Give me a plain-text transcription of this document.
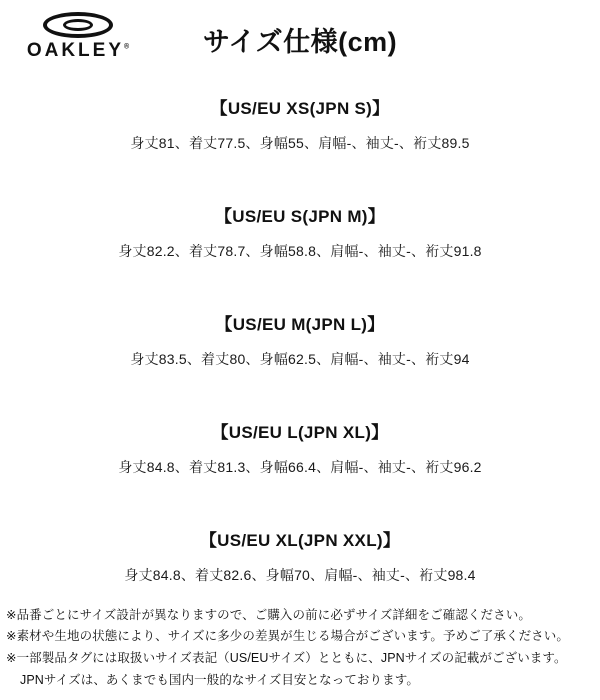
OAKLEY®	サイズ仕様(cm)

【US/EU XS(JPN S)】

身丈81、着丈77.5、身幅55、肩幅-、袖丈-、裄丈89.5

【US/EU S(JPN M)】

身丈82.2、着丈78.7、身幅58.8、肩幅-、袖丈-、裄丈91.8

【US/EU M(JPN L)】

身丈83.5、着丈80、身幅62.5、肩幅-、袖丈-、裄丈94

【US/EU L(JPN XL)】

身丈84.8、着丈81.3、身幅66.4、肩幅-、袖丈-、裄丈96.2

【US/EU XL(JPN XXL)】

身丈84.8、着丈82.6、身幅70、肩幅-、袖丈-、裄丈98.4

※品番ごとにサイズ設計が異なりますので、ご購入の前に必ずサイズ詳細をご確認ください。

※素材や生地の状態により、サイズに多少の差異が生じる場合がございます。予めご了承ください。

※一部製品タグには取扱いサイズ表記（US/EUサイズ）とともに、JPNサイズの記載がございます。

JPNサイズは、あくまでも国内一般的なサイズ目安となっております。
